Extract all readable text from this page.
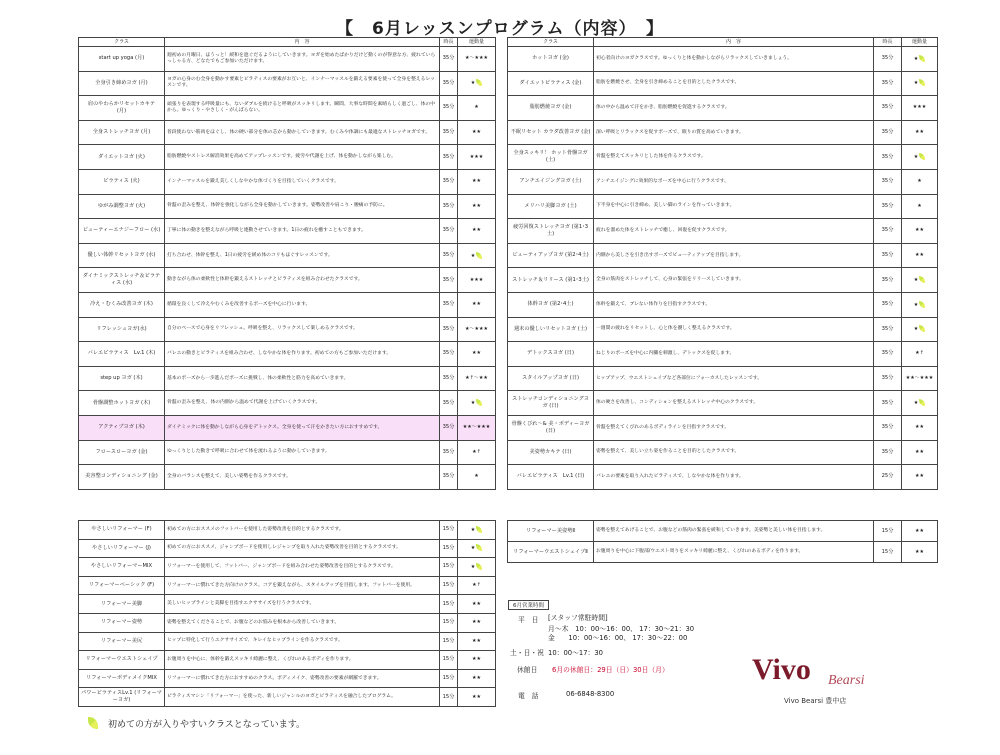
【　6月レッスンプログラム（内容）　】
クラス	内　容	時長	運動量
start up yoga (月)	週初めの月曜日、ほうっと！緩和を遮ぐだるようにしていきます。ヨガを始めたばかりだけど動くのが得意な方、疲れていらっしゃる方、どなたでもご参加いただけます。	35分	★～★★★
全身引き締めヨガ (月)	ヨガの心身のむ全身を動かす要素とピラティスの要素がお互いと、インナーマッスルを鍛える要素を使って全身を整えるレッスンです。	35分	★
肩のやわらかリセットカキテ　(月)	頑張りを表現する呼吸量にも、ないダブルを続けると呼吸がスッキリします。瞬間、大事な時間を素晴らしく過ごし、体の中から。ゆっくり・やさしく・がんばらない。	35分	★
全身ストレッチヨガ (月)	普段使わない筋肉をほぐし、体の硬い部分を体の芯から動かしていきます。むくみや体調にも最適なストレッチヨガです。	35分	★★
ダイエットヨガ (火)	脂肪燃焼やストレス解消効果を高めてアップレッスンです。疲労や代謝を上げ、体を動かしながら楽しむ。	35分	★★★
ピラティス (火)	インナーマッスルを鍛え美しくしなやかな体づくりを目指していくクラスです。	35分	★★
ゆがみ調整ヨガ (火)	骨盤の歪みを整え、体幹を強化しながら全身を動かしていきます。姿勢改善や肩こり・腰痛の予防に。	35分	★★
ビューティーエナジーフロー (水)	丁寧に体の動きを整えながら呼吸と連動させていきます。1日の疲れを癒すこともできます。	35分	★★
優しい体幹リセットヨガ (水)	打ち合わせ、体幹を整え、1日の疲労を緩め体のコリもほぐすレッスンです。	35分	★
ダイナミックストレッチ＆ピラティス (水)	動きながら体の柔軟性と体幹を鍛えるストレッチとピラティスを組み合わせたクラスです。	35分	★★★
冷え・むくみ改善ヨガ (木)	循環を良くして冷えやむくみを改善するポーズを中心に行います。	35分	★★
リフレッシュヨガ(水)	自分のペースで心身をリフレッシュ。呼吸を整え、リラックスして楽しめるクラスです。	35分	★～★★★
バレエピラティス　Lv.1 (木)	バレエの動きとピラティスを組み合わせ、しなやかな体を作ります。初めての方もご参加いただけます。	35分	★★
step up ヨガ (木)	基本のポーズから一歩進んだポーズに挑戦し、体の柔軟性と筋力を高めていきます。	35分	★↑～★★
骨盤調整ホットヨガ (木)	骨盤の歪みを整え、体の内側から温めて代謝を上げていくクラスです。	35分	★
アクティブヨガ (木)	ダイナミックに体を動かしながら心身をデトックス。全身を使って汗をかきたい方におすすめです。	35分	★★～★★★
フロースローヨガ (金)	ゆっくりとした動きで呼吸に合わせて体を流れるように動かしていきます。	35分	★↑
美容整コンディショニング (金)	全身のバランスを整えて、美しい姿勢を作るクラスです。	35分	★
クラス	内　容	時長	運動量
ホットヨガ (金)	初心者向けのヨガクラスです。ゆっくりと体を動かしながらリラックスしていきましょう。	35分	★
ダイエットピラティス (金)	脂肪を燃焼させ、全身を引き締めることを目的としたクラスです。	35分	★
脂肪燃焼ヨガ (金)	体の中から温めて汗をかき、脂肪燃焼を促進するクラスです。	35分	★★★
不眠リセット カラダ改善ヨガ (金)	深い呼吸とリラックスを促すポーズで、眠りの質を高めていきます。	35分	★★
全身スッキリ！ ホット骨盤ヨガ (土)	骨盤を整えてスッキリとした体を作るクラスです。	35分	★
アンチエイジングヨガ (土)	アンチエイジングに効果的なポーズを中心に行うクラスです。	35分	★
メリハリ美脚ヨガ (土)	下半身を中心に引き締め、美しい脚のラインを作っていきます。	35分	★
疲労回復ストレッチヨガ (第1･3土)	疲れを溜めた体をストレッチで癒し、回復を促すクラスです。	35分	★★
ビューティアップヨガ (第2･4土)	内側から美しさを引き出すポーズでビューティアップを目指します。	35分	★★
ストレッチ＆リリース (第1･3土)	全身の筋肉をストレッチして、心身の緊張をリリースしていきます。	35分	★
体幹ヨガ (第2･4土)	体幹を鍛えて、ブレない体作りを目指すクラスです。	35分	★
週末の優しいリセットヨガ (土)	一週間の疲れをリセットし、心と体を優しく整えるクラスです。	35分	★
デトックスヨガ (日)	ねじりのポーズを中心に内臓を刺激し、デトックスを促します。	35分	★↑
スタイルアップヨガ (日)	ヒップアップ、ウエストシェイプなど各部位にフォーカスしたレッスンです。	35分	★★～★★★
ストレッチコンディショニングヨガ (日)	体の硬さを改善し、コンディションを整えるストレッチ中心のクラスです。	35分	★
骨盤くびれ～& 美・ボディーヨガ (日)	骨盤を整えてくびれのあるボディラインを目指すクラスです。	35分	★★
美姿勢カキテ (日)	姿勢を整えて、美しい立ち姿を作ることを目的としたクラスです。	35分	★★
バレエピラティス　Lv.1 (日)	バレエの要素を取り入れたピラティスで、しなやかな体を作ります。	25分	★★
やさしいリフォーマー (F)	初めての方におススメのフットバーを使用した姿勢改善を目的とするクラスです。	15分	★
やさしいリフォーマー (J)	初めての方におススメ、ジャンプボードを使用しレジャンプを取り入れた姿勢改善を目的とするクラスです。	15分	★
やさしいリフォーマーMIX	リフォーマーを使用して、フットバー、ジャンプボードを組み合わせた姿勢改善を目的とするクラスです。	15分	★
リフォーマーベーシック (F)	リフォーマーに慣れてきた方向けのクラス。コアを鍛えながら、スタイルアップを目指します。フットバーを使用。	15分	★↑
リフォーマー美脚	美しいヒップラインと美脚を目指すエクササイズを行うクラスです。	15分	★★
リフォーマー姿勢	姿勢を整えてくださることで、お腹などのお悩みを根本から改善していきます。	15分	★★
リフォーマー美尻	ヒップに特化して行うエクササイズで、キレイなヒップラインを作るクラスです。	15分	★★
リフォーマーウエストシェイプ	お腹周りを中心に、体幹を鍛えスッキリ綺麗に整え、くびれのあるボディを作ります。	15分	★★
リフォーマーボディメイクMIX	リフォーマーに慣れてきた方におすすめのクラス。ボディメイク、姿勢改善の要素が網羅できます。	15分	★★
パワーピラティスLv.1 (リフォーマーヨガ)	ピラティスマシン「リフォーマー」を使った、新しいジャンルのヨガとピラティスを融合したプログラム。	15分	★★
リフォーマー美姿勢Ⅱ	姿勢を整えてあげることで、お腹などの筋肉の緊張を緩和していきます。美姿勢と美しい体を目指します。	15分	★★
リフォーマーウエストシェイプⅡ	お腹周りを中心に下腹部/ウエスト周りをスッキリ綺麗に整え、くびれのあるボディを作ります。	15分	★★
6月営業時間
[スタッフ常駐時間]
平　日
月～木　10：00～16：00、 17：30～21：30
金　　10：00～16：00、 17：30～22：00
土・日・祝 10：00～17：30
休館日 6月の休館日：29日（日）30日（月）
電　話	06-6848-8300
Vivo Bearsi
Vivo Bearsi 豊中店
初めての方が入りやすいクラスとなっています。
